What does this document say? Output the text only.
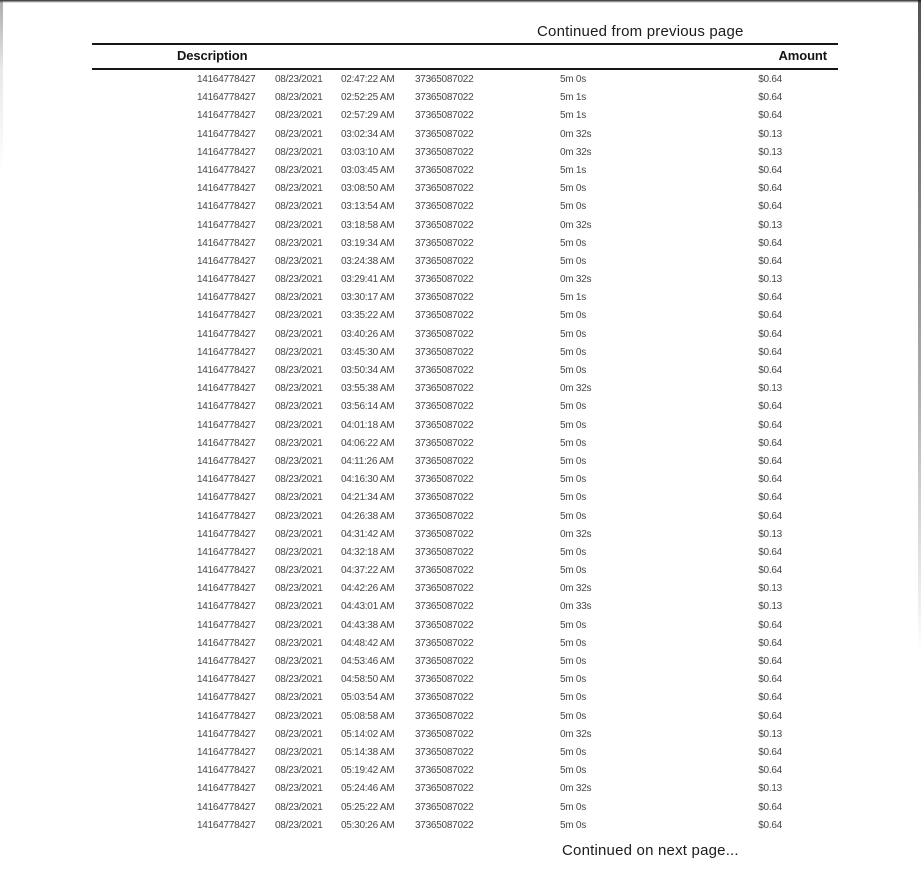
Continued from previous page
Description	Amount
14164778427 08/23/2021 02:47:22 AM 37365087022	5m 0s	$0.64
14164778427 08/23/2021 02:52:25 AM 37365087022	5m 1s	$0.64
14164778427 08/23/2021 02:57:29 AM 37365087022	5m 1s	$0.64
14164778427 08/23/2021 03:02:34 AM 37365087022	0m 32s	$0.13
14164778427 08/23/2021 03:03:10 AM 37365087022	0m 32s	$0.13
14164778427 08/23/2021 03:03:45 AM 37365087022	5m 1s	$0.64
14164778427 08/23/2021 03:08:50 AM 37365087022	5m 0s	$0.64
14164778427 08/23/2021 03:13:54 AM 37365087022	5m 0s	$0.64
14164778427 08/23/2021 03:18:58 AM 37365087022	0m 32s	$0.13
14164778427 08/23/2021 03:19:34 AM 37365087022	5m 0s	$0.64
14164778427 08/23/2021 03:24:38 AM 37365087022	5m 0s	$0.64
14164778427 08/23/2021 03:29:41 AM 37365087022	0m 32s	$0.13
14164778427 08/23/2021 03:30:17 AM 37365087022	5m 1s	$0.64
14164778427 08/23/2021 03:35:22 AM 37365087022	5m 0s	$0.64
14164778427 08/23/2021 03:40:26 AM 37365087022	5m 0s	$0.64
14164778427 08/23/2021 03:45:30 AM 37365087022	5m 0s	$0.64
14164778427 08/23/2021 03:50:34 AM 37365087022	5m 0s	$0.64
14164778427 08/23/2021 03:55:38 AM 37365087022	0m 32s	$0.13
14164778427 08/23/2021 03:56:14 AM 37365087022	5m 0s	$0.64
14164778427 08/23/2021 04:01:18 AM 37365087022	5m 0s	$0.64
14164778427 08/23/2021 04:06:22 AM 37365087022	5m 0s	$0.64
14164778427 08/23/2021 04:11:26 AM 37365087022	5m 0s	$0.64
14164778427 08/23/2021 04:16:30 AM 37365087022	5m 0s	$0.64
14164778427 08/23/2021 04:21:34 AM 37365087022	5m 0s	$0.64
14164778427 08/23/2021 04:26:38 AM 37365087022	5m 0s	$0.64
14164778427 08/23/2021 04:31:42 AM 37365087022	0m 32s	$0.13
14164778427 08/23/2021 04:32:18 AM 37365087022	5m 0s	$0.64
14164778427 08/23/2021 04:37:22 AM 37365087022	5m 0s	$0.64
14164778427 08/23/2021 04:42:26 AM 37365087022	0m 32s	$0.13
14164778427 08/23/2021 04:43:01 AM 37365087022	0m 33s	$0.13
14164778427 08/23/2021 04:43:38 AM 37365087022	5m 0s	$0.64
14164778427 08/23/2021 04:48:42 AM 37365087022	5m 0s	$0.64
14164778427 08/23/2021 04:53:46 AM 37365087022	5m 0s	$0.64
14164778427 08/23/2021 04:58:50 AM 37365087022	5m 0s	$0.64
14164778427 08/23/2021 05:03:54 AM 37365087022	5m 0s	$0.64
14164778427 08/23/2021 05:08:58 AM 37365087022	5m 0s	$0.64
14164778427 08/23/2021 05:14:02 AM 37365087022	0m 32s	$0.13
14164778427 08/23/2021 05:14:38 AM 37365087022	5m 0s	$0.64
14164778427 08/23/2021 05:19:42 AM 37365087022	5m 0s	$0.64
14164778427 08/23/2021 05:24:46 AM 37365087022	0m 32s	$0.13
14164778427 08/23/2021 05:25:22 AM 37365087022	5m 0s	$0.64
14164778427 08/23/2021 05:30:26 AM 37365087022	5m 0s	$0.64
Continued on next page...
